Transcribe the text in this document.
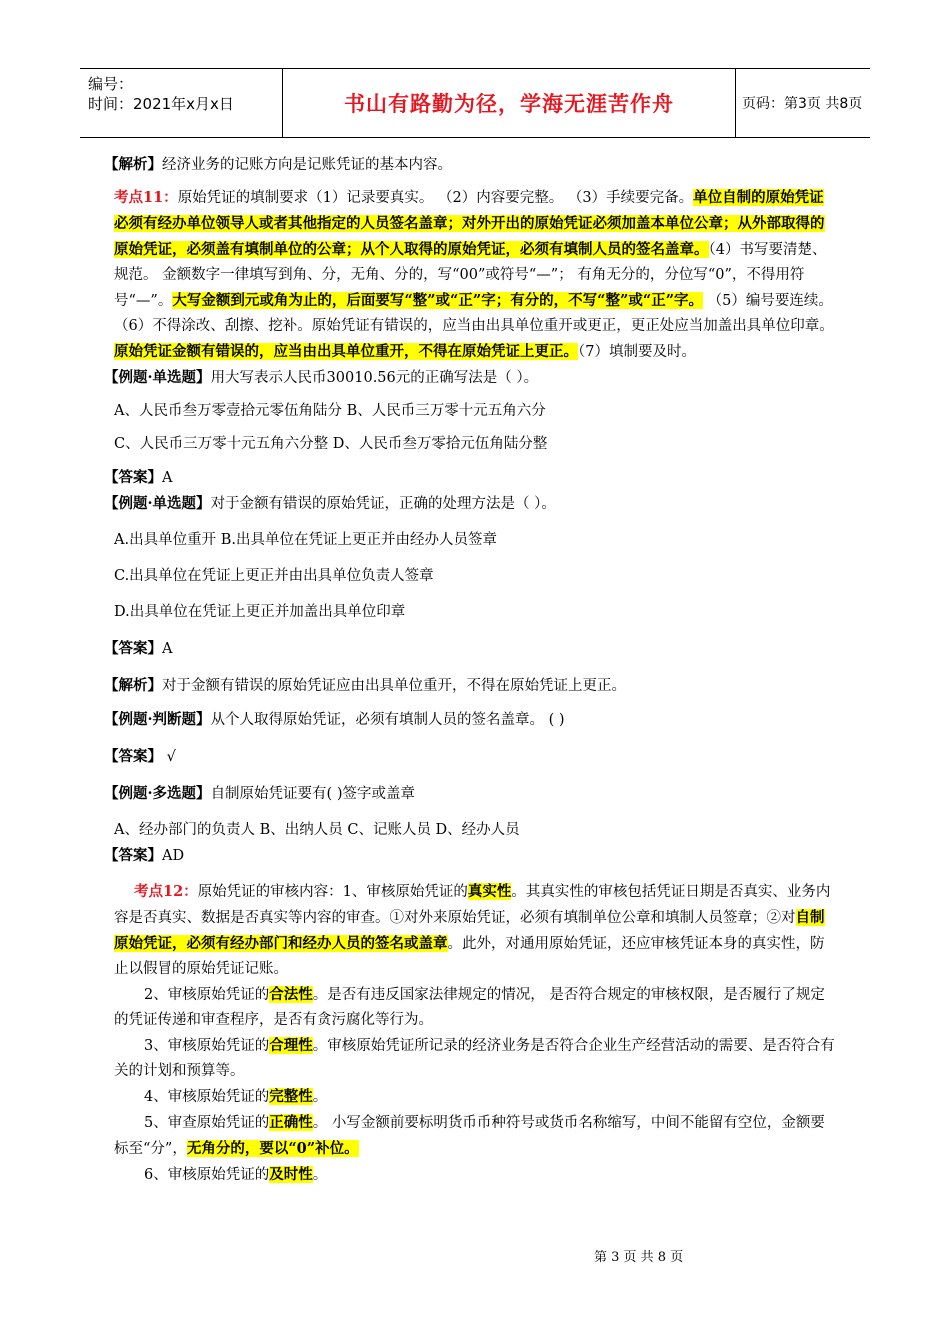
编号：
时间：2021年x月x日	书山有路勤为径，学海无涯苦作舟	页码：第3页 共8页

【解析】经济业务的记账方向是记账凭证的基本内容。

考点11：原始凭证的填制要求（1）记录要真实。 （2）内容要完整。 （3）手续要完备。单位自制的原始凭证必须有经办单位领导人或者其他指定的人员签名盖章；对外开出的原始凭证必须加盖本单位公章；从外部取得的原始凭证，必须盖有填制单位的公章；从个人取得的原始凭证，必须有填制人员的签名盖章。（4）书写要清楚、规范。 金额数字一律填写到角、分，无角、分的，写“00”或符号“—”； 有角无分的，分位写“0”，不得用符号“—”。大写金额到元或角为止的，后面要写“整”或“正”字；有分的，不写“整”或“正”字。 （5）编号要连续。 （6）不得涂改、刮擦、挖补。原始凭证有错误的，应当由出具单位重开或更正，更正处应当加盖出具单位印章。原始凭证金额有错误的，应当由出具单位重开，不得在原始凭证上更正。（7）填制要及时。

【例题·单选题】用大写表示人民币30010.56元的正确写法是（ ）。

A、人民币叁万零壹拾元零伍角陆分 B、人民币三万零十元五角六分

C、人民币三万零十元五角六分整 D、人民币叁万零拾元伍角陆分整

【答案】A

【例题·单选题】对于金额有错误的原始凭证，正确的处理方法是（ ）。

A.出具单位重开 B.出具单位在凭证上更正并由经办人员签章

C.出具单位在凭证上更正并由出具单位负责人签章

D.出具单位在凭证上更正并加盖出具单位印章

【答案】A

【解析】对于金额有错误的原始凭证应由出具单位重开，不得在原始凭证上更正。

【例题·判断题】从个人取得原始凭证，必须有填制人员的签名盖章。 ( )

【答案】 √

【例题·多选题】自制原始凭证要有( )签字或盖章

A、经办部门的负责人 B、出纳人员 C、记账人员 D、经办人员

【答案】AD

考点12：原始凭证的审核内容：1、审核原始凭证的真实性。其真实性的审核包括凭证日期是否真实、业务内容是否真实、数据是否真实等内容的审查。①对外来原始凭证，必须有填制单位公章和填制人员签章；②对自制原始凭证，必须有经办部门和经办人员的签名或盖章。此外，对通用原始凭证，还应审核凭证本身的真实性，防止以假冒的原始凭证记账。

2、审核原始凭证的合法性。是否有违反国家法律规定的情况， 是否符合规定的审核权限，是否履行了规定的凭证传递和审查程序，是否有贪污腐化等行为。

3、审核原始凭证的合理性。审核原始凭证所记录的经济业务是否符合企业生产经营活动的需要、是否符合有关的计划和预算等。

4、审核原始凭证的完整性。

5、审查原始凭证的正确性。 小写金额前要标明货币币种符号或货币名称缩写，中间不能留有空位，金额要标至“分”，无角分的，要以“0”补位。

6、审核原始凭证的及时性。

第 3 页 共 8 页
